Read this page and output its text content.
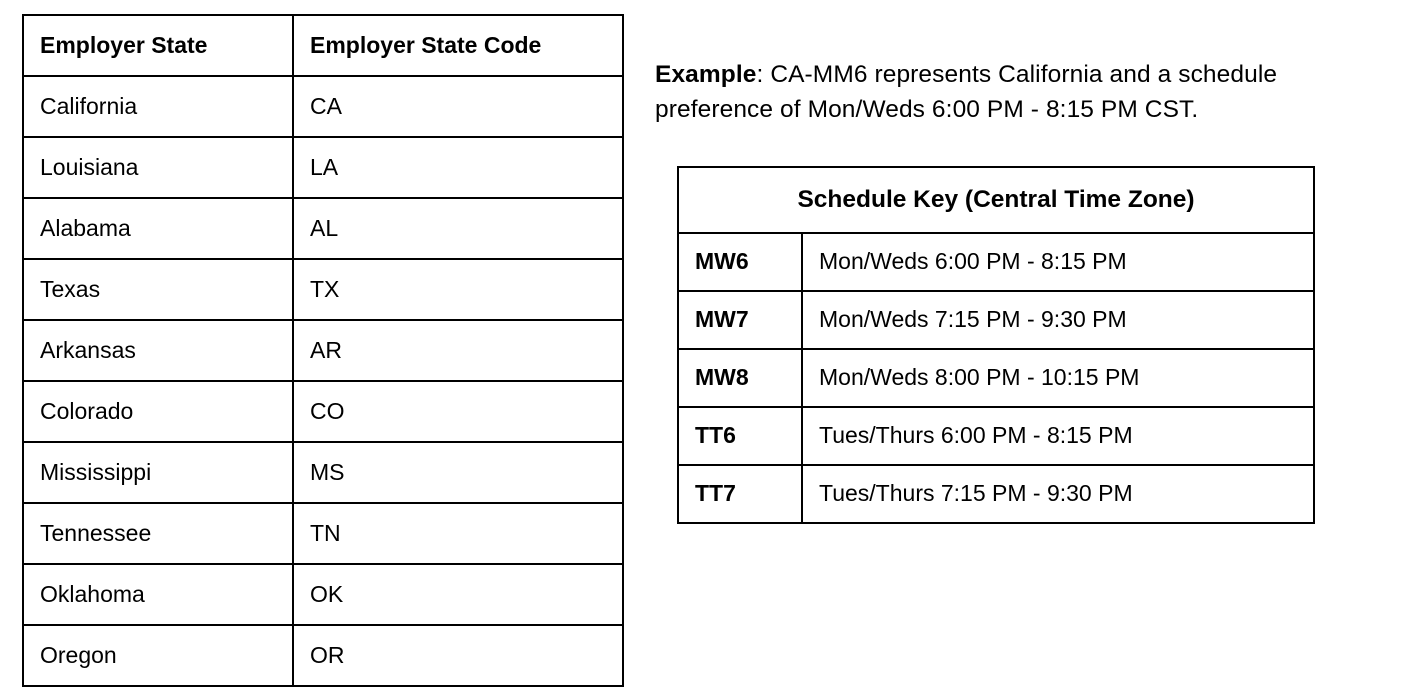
Employer State	Employer State Code
California	CA
Louisiana	LA
Alabama	AL
Texas	TX
Arkansas	AR
Colorado	CO
Mississippi	MS
Tennessee	TN
Oklahoma	OK
Oregon	OR

Example: CA-MM6 represents California and a schedule preference of Mon/Weds 6:00 PM - 8:15 PM CST.

Schedule Key (Central Time Zone)	
MW6	Mon/Weds 6:00 PM - 8:15 PM
MW7	Mon/Weds 7:15 PM - 9:30 PM
MW8	Mon/Weds 8:00 PM - 10:15 PM
TT6	Tues/Thurs 6:00 PM - 8:15 PM
TT7	Tues/Thurs 7:15 PM - 9:30 PM
